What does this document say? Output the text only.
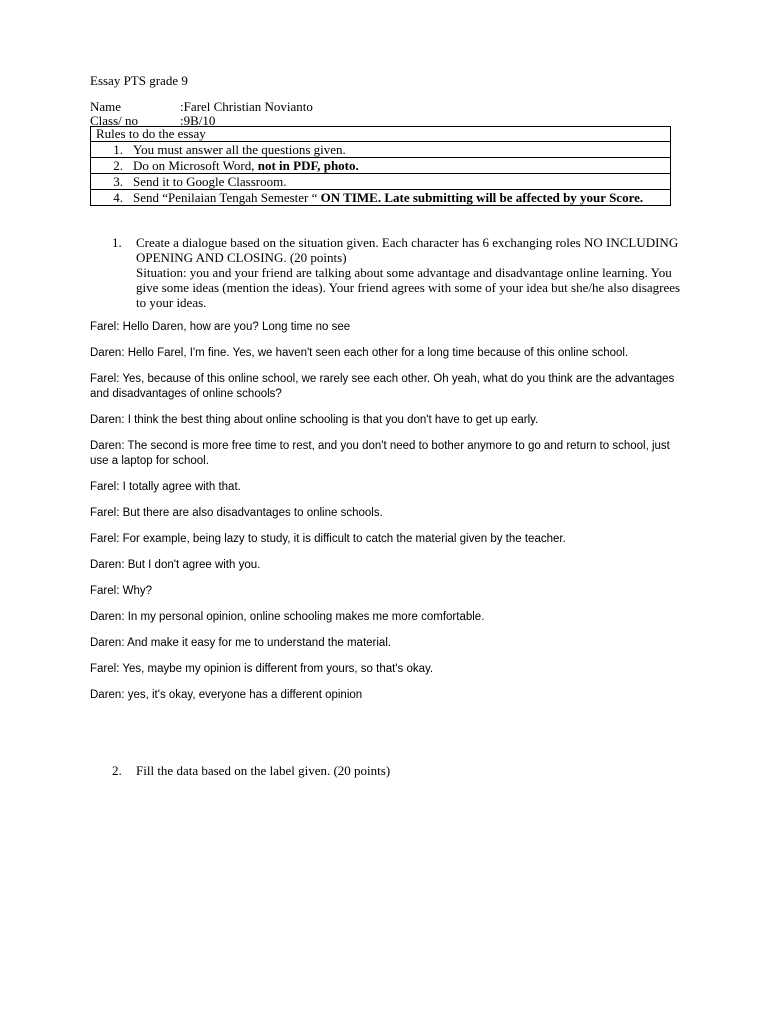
Essay PTS grade 9
Name	:Farel Christian Novianto
Class/ no	:9B/10
Rules to do the essay
1. You must answer all the questions given.
2. Do on Microsoft Word, not in PDF, photo.
3. Send it to Google Classroom.
4. Send “Penilaian Tengah Semester “ ON TIME. Late submitting will be affected by your Score.
1.	Create a dialogue based on the situation given. Each character has 6 exchanging roles NO INCLUDING OPENING AND CLOSING. (20 points)
Situation: you and your friend are talking about some advantage and disadvantage online learning. You give some ideas (mention the ideas). Your friend agrees with some of your idea but she/he also disagrees to your ideas.

Farel: Hello Daren, how are you? Long time no see

Daren: Hello Farel, I'm fine. Yes, we haven't seen each other for a long time because of this online school.

Farel: Yes, because of this online school, we rarely see each other. Oh yeah, what do you think are the advantages and disadvantages of online schools?

Daren: I think the best thing about online schooling is that you don't have to get up early.

Daren: The second is more free time to rest, and you don't need to bother anymore to go and return to school, just use a laptop for school.

Farel: I totally agree with that.

Farel: But there are also disadvantages to online schools.

Farel: For example, being lazy to study, it is difficult to catch the material given by the teacher.

Daren: But I don't agree with you.

Farel: Why?

Daren: In my personal opinion, online schooling makes me more comfortable.

Daren: And make it easy for me to understand the material.

Farel: Yes, maybe my opinion is different from yours, so that's okay.

Daren: yes, it's okay, everyone has a different opinion

2.	Fill the data based on the label given. (20 points)
